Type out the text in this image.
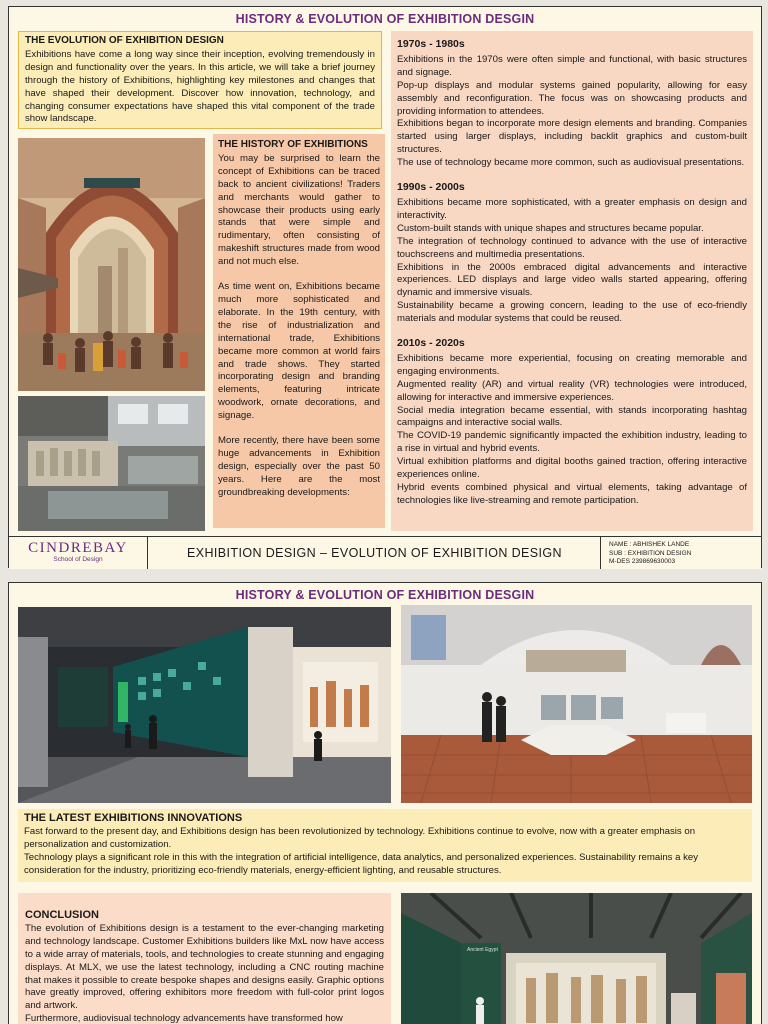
HISTORY & EVOLUTION OF EXHIBITION DESGIN
THE EVOLUTION OF EXHIBITION DESIGN

Exhibitions have come a long way since their inception, evolving tremendously in design and functionality over the years. In this article, we will take a brief journey through the history of Exhibitions, highlighting key milestones and changes that have shaped their development. Discover how innovation, technology, and changing consumer expectations have shaped this vital component of the trade show landscape.

THE HISTORY OF EXHIBITIONS

You may be surprised to learn the concept of Exhibitions can be traced back to ancient civilizations! Traders and merchants would gather to showcase their products using early stands that were simple and rudimentary, often consisting of makeshift structures made from wood and not much else.

As time went on, Exhibitions became much more sophisticated and elaborate. In the 19th century, with the rise of industrialization and international trade, Exhibitions became more common at world fairs and trade shows. They started incorporating design and branding elements, featuring intricate woodwork, ornate decorations, and signage.

More recently, there have been some huge advancements in Exhibition design, especially over the past 50 years. Here are the most groundbreaking developments:

1970s - 1980s

Exhibitions in the 1970s were often simple and functional, with basic structures and signage.

Pop-up displays and modular systems gained popularity, allowing for easy assembly and reconfiguration. The focus was on showcasing products and providing information to attendees.

Exhibitions began to incorporate more design elements and branding. Companies started using larger displays, including backlit graphics and custom-built structures.

The use of technology became more common, such as audiovisual presentations.

1990s - 2000s

Exhibitions became more sophisticated, with a greater emphasis on design and interactivity.

Custom-built stands with unique shapes and structures became popular.

The integration of technology continued to advance with the use of interactive touchscreens and multimedia presentations.

Exhibitions in the 2000s embraced digital advancements and interactive experiences. LED displays and large video walls started appearing, offering dynamic and immersive visuals.

Sustainability became a growing concern, leading to the use of eco-friendly materials and modular systems that could be reused.

2010s - 2020s

Exhibitions became more experiential, focusing on creating memorable and engaging environments.

Augmented reality (AR) and virtual reality (VR) technologies were introduced, allowing for interactive and immersive experiences.

Social media integration became essential, with stands incorporating hashtag campaigns and interactive social walls.

The COVID-19 pandemic significantly impacted the exhibition industry, leading to a rise in virtual and hybrid events.

Virtual exhibition platforms and digital booths gained traction, offering interactive experiences online.

Hybrid events combined physical and virtual elements, taking advantage of technologies like live-streaming and remote participation.

CINDREBAY
School of Design	EXHIBITION DESIGN – EVOLUTION OF EXHIBITION DESIGN
NAME : ABHISHEK LANDE
SUB : EXHIBITION DESIGN
M-DES 239869630003
HISTORY & EVOLUTION OF EXHIBITION DESGIN
THE LATEST EXHIBITIONS INNOVATIONS

Fast forward to the present day, and Exhibitions design has been revolutionized by technology. Exhibitions continue to evolve, now with a greater emphasis on personalization and customization.

Technology plays a significant role in this with the integration of artificial intelligence, data analytics, and personalized experiences. Sustainability remains a key consideration for the industry, prioritizing eco-friendly materials, energy-efficient lighting, and reusable structures.

CONCLUSION

The evolution of Exhibitions design is a testament to the ever-changing marketing and technology landscape. Customer Exhibitions builders like MxL now have access to a wide array of materials, tools, and technologies to create stunning and engaging displays. At MLX, we use the latest technology, including a CNC routing machine that makes it possible to create bespoke shapes and designs easily. Graphic options have greatly improved, offering exhibitors more freedom with full-color print logos and artwork.

Furthermore, audiovisual technology advancements have transformed how

Ancient Egypt
